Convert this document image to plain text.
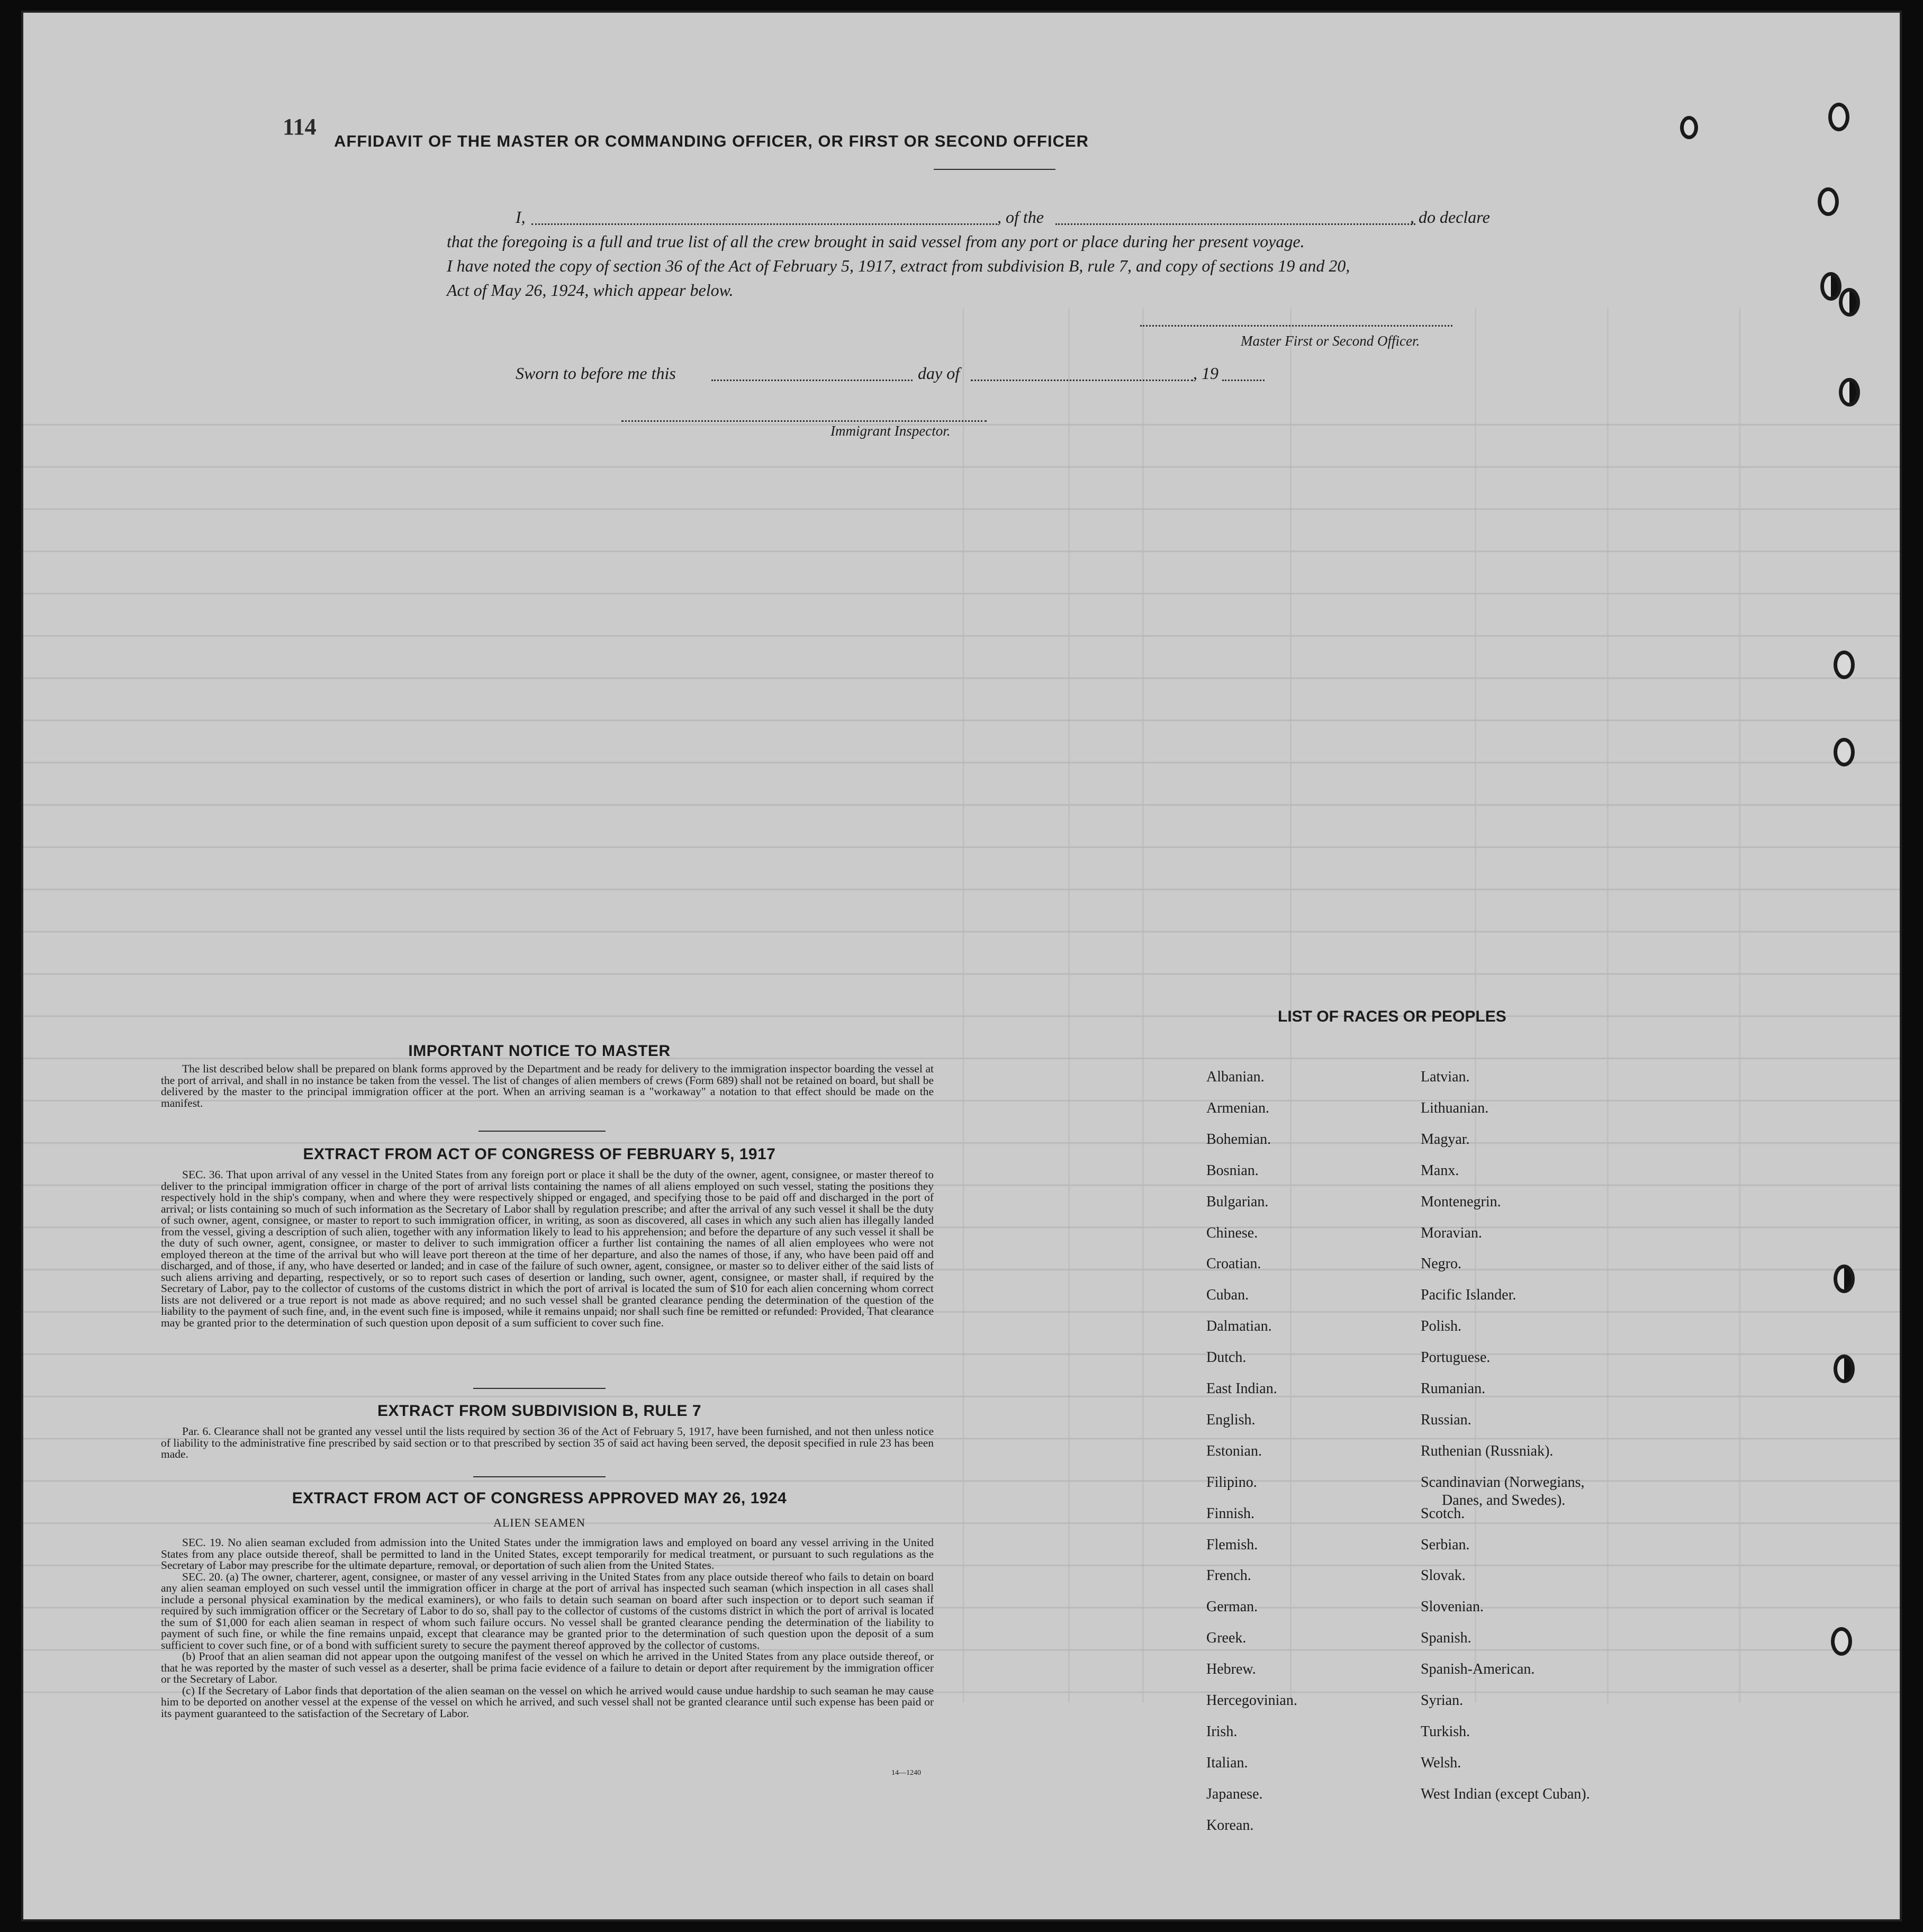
114
AFFIDAVIT OF THE MASTER OR COMMANDING OFFICER, OR FIRST OR SECOND OFFICER
I,	, of the	, do declare
that the foregoing is a full and true list of all the crew brought in said vessel from any port or place during her present voyage.
I have noted the copy of section 36 of the Act of February 5, 1917, extract from subdivision B, rule 7, and copy of sections 19 and 20,
Act of May 26, 1924, which appear below.
Master First or Second Officer.
Sworn to before me this	day of	, 19
Immigrant Inspector.
IMPORTANT NOTICE TO MASTER

The list described below shall be prepared on blank forms approved by the Department and be ready for delivery to the immigration inspector boarding the vessel at the port of arrival, and shall in no instance be taken from the vessel. The list of changes of alien members of crews (Form 689) shall not be retained on board, but shall be delivered by the master to the principal immigration officer at the port. When an arriving seaman is a "workaway" a notation to that effect should be made on the manifest.

EXTRACT FROM ACT OF CONGRESS OF FEBRUARY 5, 1917

SEC. 36. That upon arrival of any vessel in the United States from any foreign port or place it shall be the duty of the owner, agent, consignee, or master thereof to deliver to the principal immigration officer in charge of the port of arrival lists containing the names of all aliens employed on such vessel, stating the positions they respectively hold in the ship's company, when and where they were respectively shipped or engaged, and specifying those to be paid off and discharged in the port of arrival; or lists containing so much of such information as the Secretary of Labor shall by regulation prescribe; and after the arrival of any such vessel it shall be the duty of such owner, agent, consignee, or master to report to such immigration officer, in writing, as soon as discovered, all cases in which any such alien has illegally landed from the vessel, giving a description of such alien, together with any information likely to lead to his apprehension; and before the departure of any such vessel it shall be the duty of such owner, agent, consignee, or master to deliver to such immigration officer a further list containing the names of all alien employees who were not employed thereon at the time of the arrival but who will leave port thereon at the time of her departure, and also the names of those, if any, who have been paid off and discharged, and of those, if any, who have deserted or landed; and in case of the failure of such owner, agent, consignee, or master so to deliver either of the said lists of such aliens arriving and departing, respectively, or so to report such cases of desertion or landing, such owner, agent, consignee, or master shall, if required by the Secretary of Labor, pay to the collector of customs of the customs district in which the port of arrival is located the sum of $10 for each alien concerning whom correct lists are not delivered or a true report is not made as above required; and no such vessel shall be granted clearance pending the determination of the question of the liability to the payment of such fine, and, in the event such fine is imposed, while it remains unpaid; nor shall such fine be remitted or refunded: Provided, That clearance may be granted prior to the determination of such question upon deposit of a sum sufficient to cover such fine.

EXTRACT FROM SUBDIVISION B, RULE 7

Par. 6. Clearance shall not be granted any vessel until the lists required by section 36 of the Act of February 5, 1917, have been furnished, and not then unless notice of liability to the administrative fine prescribed by said section or to that prescribed by section 35 of said act having been served, the deposit specified in rule 23 has been made.

EXTRACT FROM ACT OF CONGRESS APPROVED MAY 26, 1924
ALIEN SEAMEN

SEC. 19. No alien seaman excluded from admission into the United States under the immigration laws and employed on board any vessel arriving in the United States from any place outside thereof, shall be permitted to land in the United States, except temporarily for medical treatment, or pursuant to such regulations as the Secretary of Labor may prescribe for the ultimate departure, removal, or deportation of such alien from the United States.

SEC. 20. (a) The owner, charterer, agent, consignee, or master of any vessel arriving in the United States from any place outside thereof who fails to detain on board any alien seaman employed on such vessel until the immigration officer in charge at the port of arrival has inspected such seaman (which inspection in all cases shall include a personal physical examination by the medical examiners), or who fails to detain such seaman on board after such inspection or to deport such seaman if required by such immigration officer or the Secretary of Labor to do so, shall pay to the collector of customs of the customs district in which the port of arrival is located the sum of $1,000 for each alien seaman in respect of whom such failure occurs. No vessel shall be granted clearance pending the determination of the liability to payment of such fine, or while the fine remains unpaid, except that clearance may be granted prior to the determination of such question upon the deposit of a sum sufficient to cover such fine, or of a bond with sufficient surety to secure the payment thereof approved by the collector of customs.

(b) Proof that an alien seaman did not appear upon the outgoing manifest of the vessel on which he arrived in the United States from any place outside thereof, or that he was reported by the master of such vessel as a deserter, shall be prima facie evidence of a failure to detain or deport after requirement by the immigration officer or the Secretary of Labor.

(c) If the Secretary of Labor finds that deportation of the alien seaman on the vessel on which he arrived would cause undue hardship to such seaman he may cause him to be deported on another vessel at the expense of the vessel on which he arrived, and such vessel shall not be granted clearance until such expense has been paid or its payment guaranteed to the satisfaction of the Secretary of Labor.

14—1240
LIST OF RACES OR PEOPLES
Albanian.
Armenian.
Bohemian.
Bosnian.
Bulgarian.
Chinese.
Croatian.
Cuban.
Dalmatian.
Dutch.
East Indian.
English.
Estonian.
Filipino.
Finnish.
Flemish.
French.
German.
Greek.
Hebrew.
Hercegovinian.
Irish.
Italian.
Japanese.
Korean.
Latvian.
Lithuanian.
Magyar.
Manx.
Montenegrin.
Moravian.
Negro.
Pacific Islander.
Polish.
Portuguese.
Rumanian.
Russian.
Ruthenian (Russniak).
Scandinavian (Norwegians,
Danes, and Swedes).
Scotch.
Serbian.
Slovak.
Slovenian.
Spanish.
Spanish-American.
Syrian.
Turkish.
Welsh.
West Indian (except Cuban).
